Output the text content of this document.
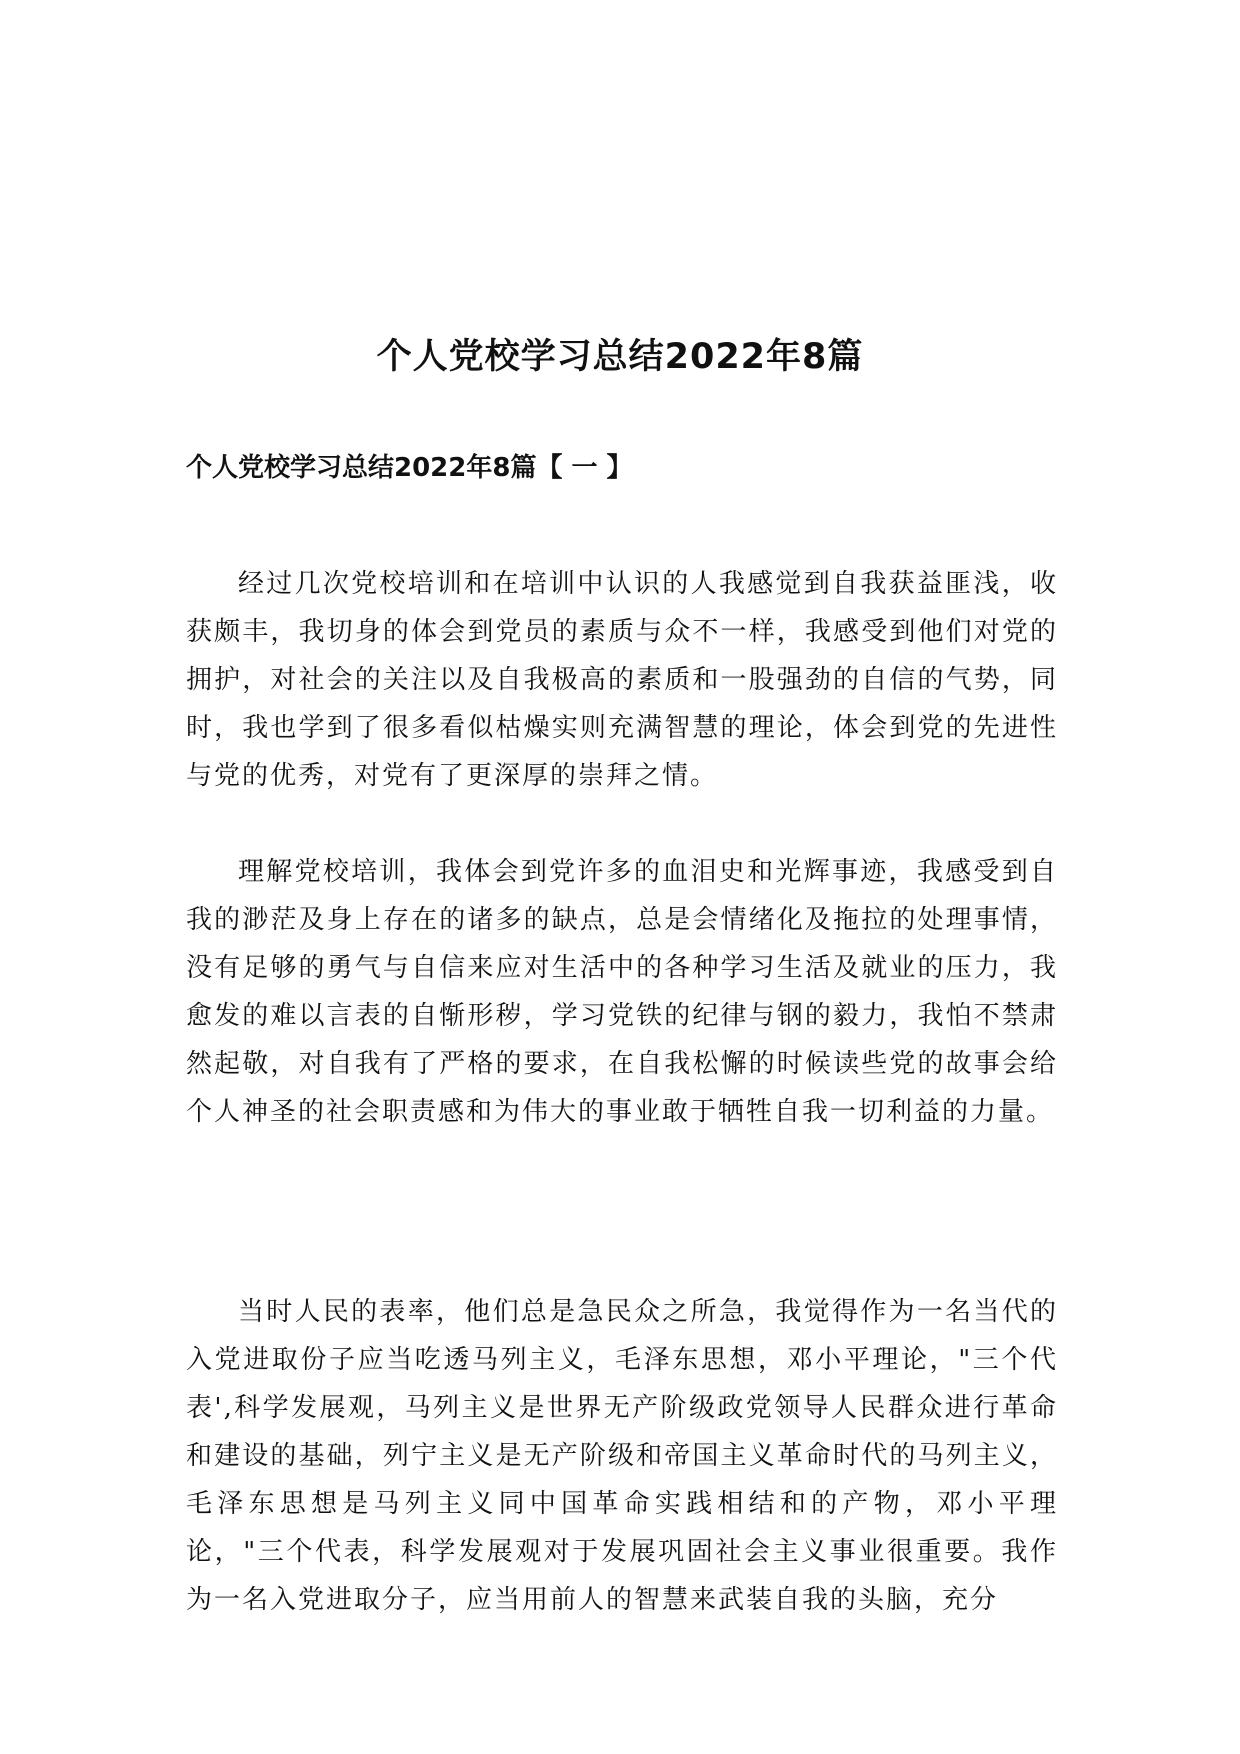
个人党校学习总结2022年8篇
个人党校学习总结2022年8篇【 一 】

经过几次党校培训和在培训中认识的人我感觉到自我获益匪浅，收获颇丰，我切身的体会到党员的素质与众不一样，我感受到他们对党的拥护，对社会的关注以及自我极高的素质和一股强劲的自信的气势，同时，我也学到了很多看似枯燥实则充满智慧的理论，体会到党的先进性与党的优秀，对党有了更深厚的崇拜之情。

理解党校培训，我体会到党许多的血泪史和光辉事迹，我感受到自我的渺茫及身上存在的诸多的缺点，总是会情绪化及拖拉的处理事情，没有足够的勇气与自信来应对生活中的各种学习生活及就业的压力，我愈发的难以言表的自惭形秽，学习党铁的纪律与钢的毅力，我怕不禁肃然起敬，对自我有了严格的要求，在自我松懈的时候读些党的故事会给个人神圣的社会职责感和为伟大的事业敢于牺牲自我一切利益的力量。

当时人民的表率，他们总是急民众之所急，我觉得作为一名当代的入党进取份子应当吃透马列主义，毛泽东思想，邓小平理论，"三个代表',科学发展观，马列主义是世界无产阶级政党领导人民群众进行革命和建设的基础，列宁主义是无产阶级和帝国主义革命时代的马列主义，毛泽东思想是马列主义同中国革命实践相结和的产物，邓小平理论，"三个代表，科学发展观对于发展巩固社会主义事业很重要。我作为一名入党进取分子，应当用前人的智慧来武装自我的头脑，充分
